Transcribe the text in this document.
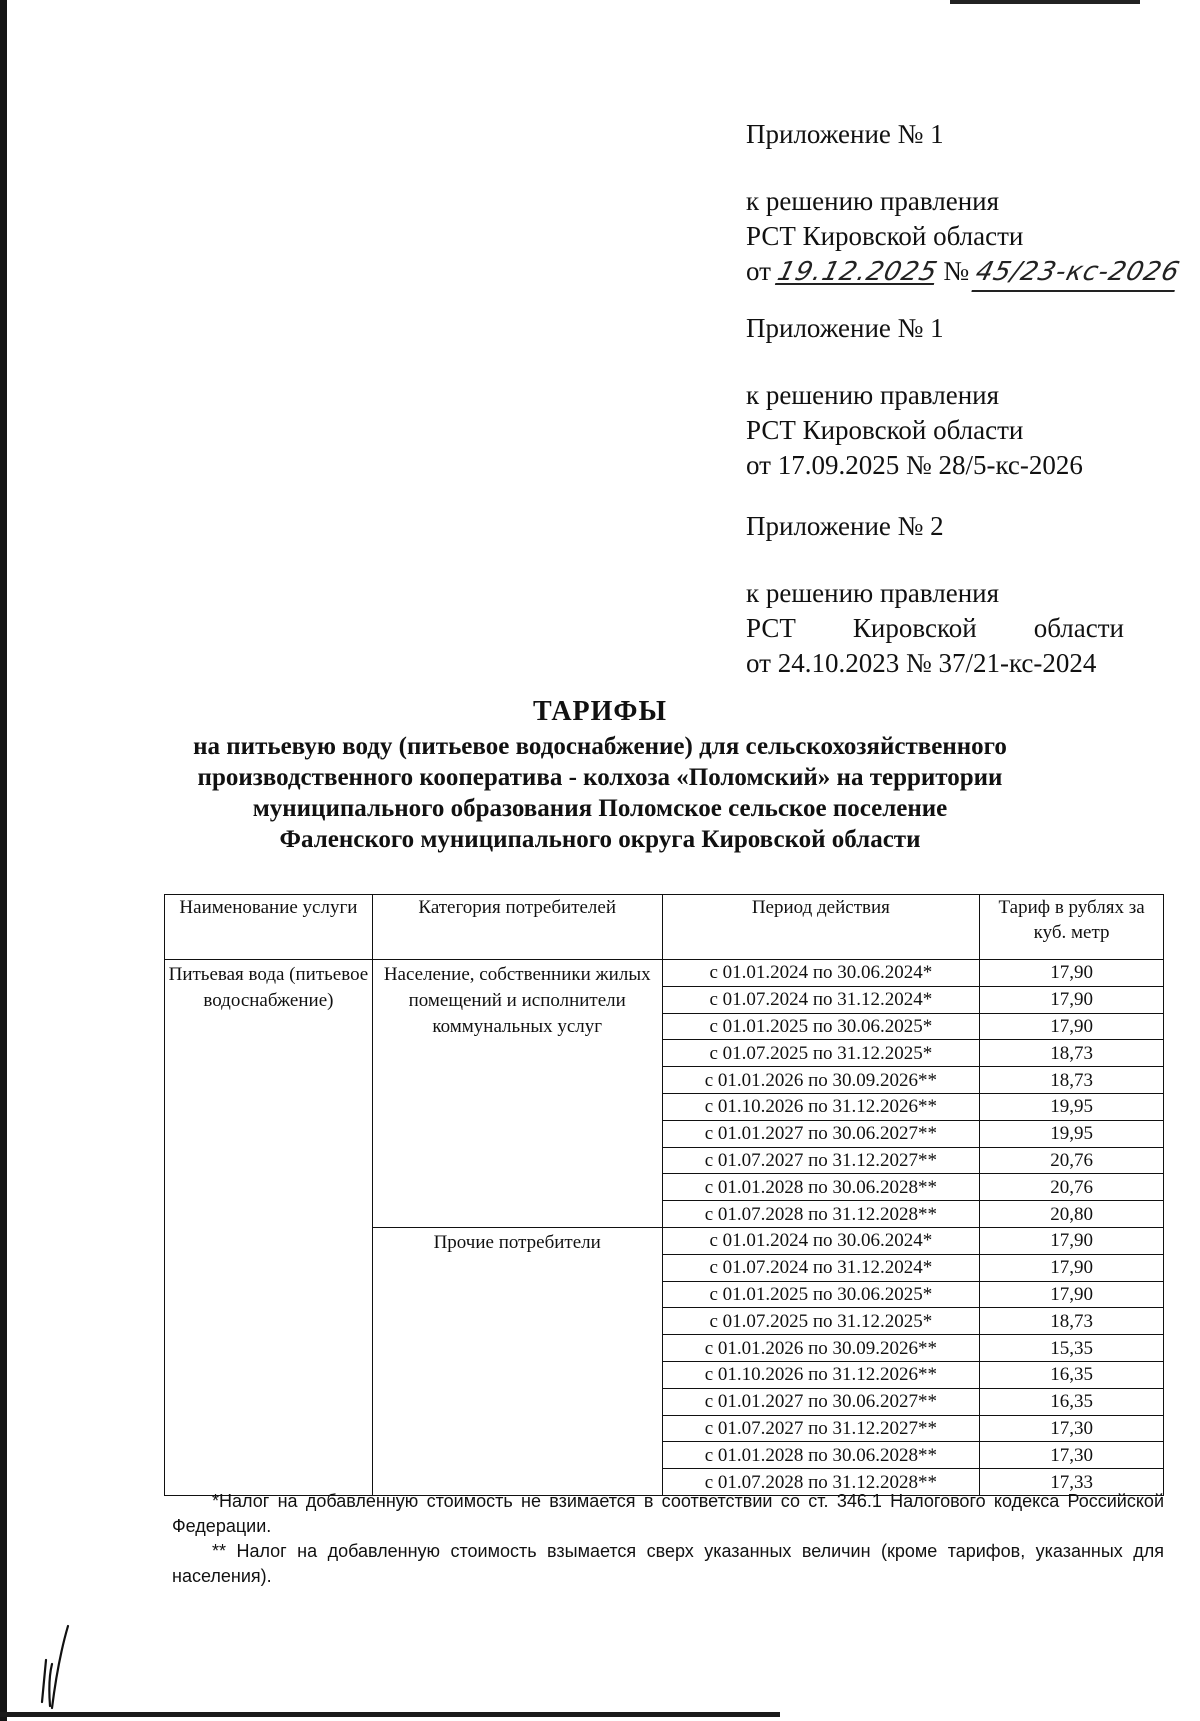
Приложение № 1
к решению правления
РСТ Кировской области
от 19.12.2025 № 45/23-кс-2026
Приложение № 1
к решению правления
РСТ Кировской области
от 17.09.2025 № 28/5-кс-2026
Приложение № 2
к решению правления
РСТ Кировской области
от 24.10.2023 № 37/21-кс-2024
ТАРИФЫ
на питьевую воду (питьевое водоснабжение) для сельскохозяйственного
производственного кооператива - колхоза «Поломский» на территории
муниципального образования Поломское сельское поселение
Фаленского муниципального округа Кировской области
Наименование услуги	Категория потребителей	Период действия	Тариф в рублях за куб. метр
Питьевая вода (питьевое водоснабжение)	Население, собственники жилых помещений и исполнители коммунальных услуг	с 01.01.2024 по 30.06.2024*	17,90
		с 01.07.2024 по 31.12.2024*	17,90
		с 01.01.2025 по 30.06.2025*	17,90
		с 01.07.2025 по 31.12.2025*	18,73
		с 01.01.2026 по 30.09.2026**	18,73
		с 01.10.2026 по 31.12.2026**	19,95
		с 01.01.2027 по 30.06.2027**	19,95
		с 01.07.2027 по 31.12.2027**	20,76
		с 01.01.2028 по 30.06.2028**	20,76
		с 01.07.2028 по 31.12.2028**	20,80
	Прочие потребители	с 01.01.2024 по 30.06.2024*	17,90
		с 01.07.2024 по 31.12.2024*	17,90
		с 01.01.2025 по 30.06.2025*	17,90
		с 01.07.2025 по 31.12.2025*	18,73
		с 01.01.2026 по 30.09.2026**	15,35
		с 01.10.2026 по 31.12.2026**	16,35
		с 01.01.2027 по 30.06.2027**	16,35
		с 01.07.2027 по 31.12.2027**	17,30
		с 01.01.2028 по 30.06.2028**	17,30
		с 01.07.2028 по 31.12.2028**	17,33

*Налог на добавленную стоимость не взимается в соответствии со ст. 346.1 Налогового кодекса Российской Федерации.

** Налог на добавленную стоимость взымается сверх указанных величин (кроме тарифов, указанных для населения).
